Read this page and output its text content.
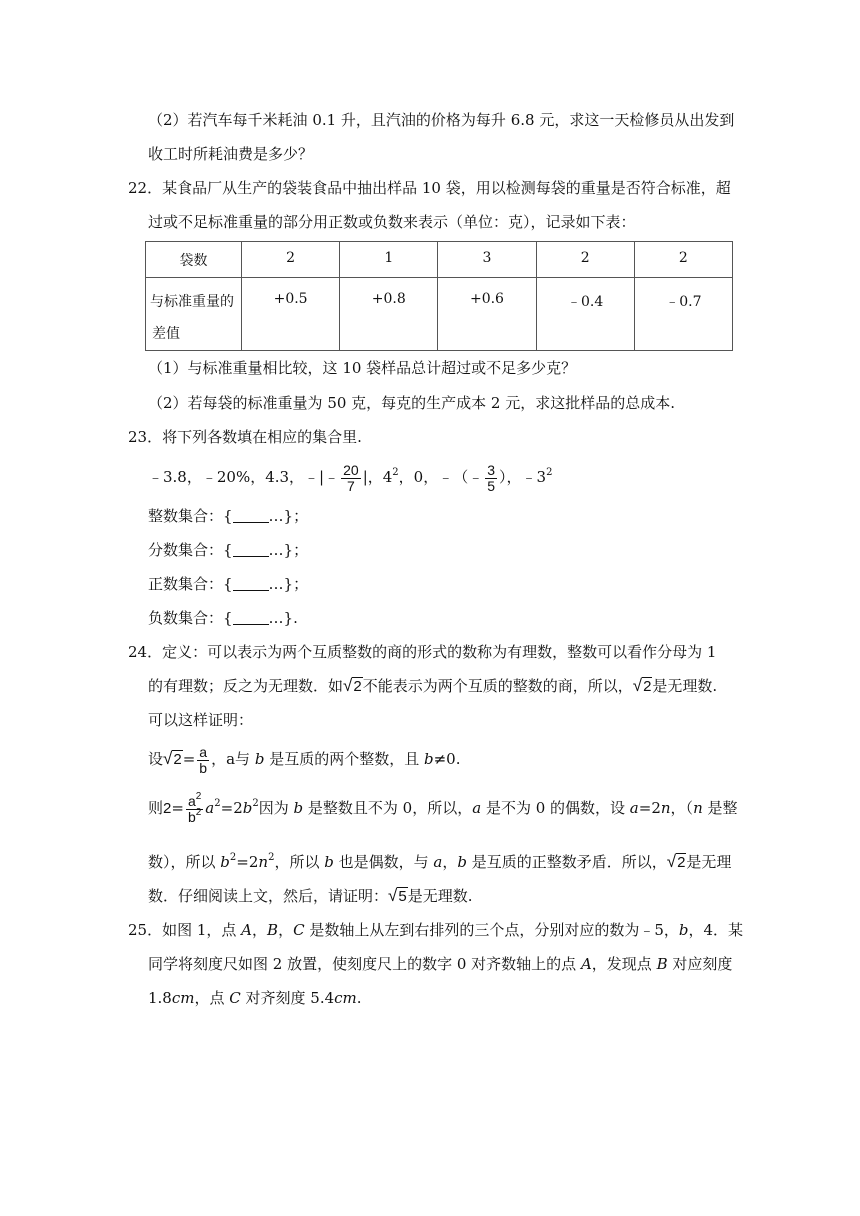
（2）若汽车每千米耗油 0.1 升，且汽油的价格为每升 6.8 元，求这一天检修员从出发到
收工时所耗油费是多少？
22．某食品厂从生产的袋装食品中抽出样品 10 袋，用以检测每袋的重量是否符合标准，超
过或不足标准重量的部分用正数或负数来表示（单位：克），记录如下表：
袋数	2	1	3	2	2

与标准重量的
差值	+0.5	+0.8	+0.6	﹣0.4	﹣0.7
（1）与标准重量相比较，这 10 袋样品总计超过或不足多少克？
（2）若每袋的标准重量为 50 克，每克的生产成本 2 元，求这批样品的总成本.
23．将下列各数填在相应的集合里.
﹣3.8，﹣20%，4.3，﹣|﹣ $\frac{20}{7}$ |，$4^2$，0，﹣（﹣ $\frac{3}{5}$ ），$﹣3^2$
整数集合：{ …}；
分数集合：{ …}；
正数集合：{ …}；
负数集合：{ …}.
24．定义：可以表示为两个互质整数的商的形式的数称为有理数，整数可以看作分母为 1
的有理数；反之为无理数．如√2不能表示为两个互质的整数的商，所以，√2是无理数.
可以这样证明：
设$√2= \frac{a}{b}$ ，a与 b 是互质的两个整数，且 b≠0.
则$2= \frac{a^2}{b^2} a^2=2b^2$因为 b 是整数且不为 0，所以，a 是不为 0 的偶数，设 a=2n，（n 是整
数），所以 $b^2=2n^2$，所以 b 也是偶数，与 a，b 是互质的正整数矛盾．所以，√2是无理
数．仔细阅读上文，然后，请证明：√5是无理数.
25．如图 1，点 A，B，C 是数轴上从左到右排列的三个点，分别对应的数为﹣5，b，4．某
同学将刻度尺如图 2 放置，使刻度尺上的数字 0 对齐数轴上的点 A，发现点 B 对应刻度
1.8cm，点 C 对齐刻度 5.4cm.
